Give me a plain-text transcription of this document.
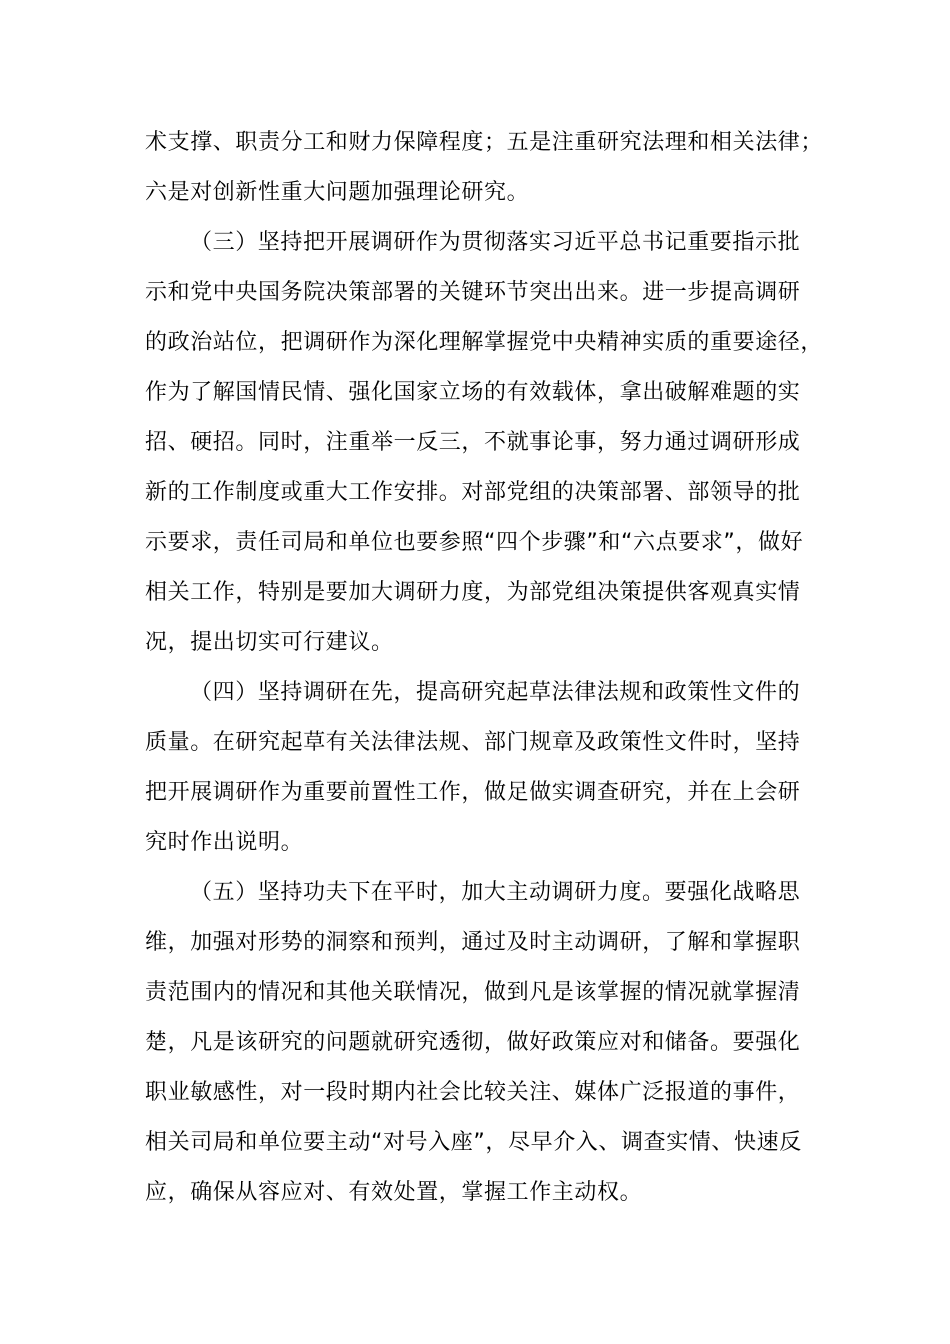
术支撑、职责分工和财力保障程度；五是注重研究法理和相关法律；
六是对创新性重大问题加强理论研究。
（三）坚持把开展调研作为贯彻落实习近平总书记重要指示批
示和党中央国务院决策部署的关键环节突出出来。进一步提高调研
的政治站位，把调研作为深化理解掌握党中央精神实质的重要途径，
作为了解国情民情、强化国家立场的有效载体，拿出破解难题的实
招、硬招。同时，注重举一反三，不就事论事，努力通过调研形成
新的工作制度或重大工作安排。对部党组的决策部署、部领导的批
示要求，责任司局和单位也要参照“四个步骤”和“六点要求”，做好
相关工作，特别是要加大调研力度，为部党组决策提供客观真实情
况，提出切实可行建议。
（四）坚持调研在先，提高研究起草法律法规和政策性文件的
质量。在研究起草有关法律法规、部门规章及政策性文件时，坚持
把开展调研作为重要前置性工作，做足做实调查研究，并在上会研
究时作出说明。
（五）坚持功夫下在平时，加大主动调研力度。要强化战略思
维，加强对形势的洞察和预判，通过及时主动调研，了解和掌握职
责范围内的情况和其他关联情况，做到凡是该掌握的情况就掌握清
楚，凡是该研究的问题就研究透彻，做好政策应对和储备。要强化
职业敏感性，对一段时期内社会比较关注、媒体广泛报道的事件，
相关司局和单位要主动“对号入座”，尽早介入、调查实情、快速反
应，确保从容应对、有效处置，掌握工作主动权。
